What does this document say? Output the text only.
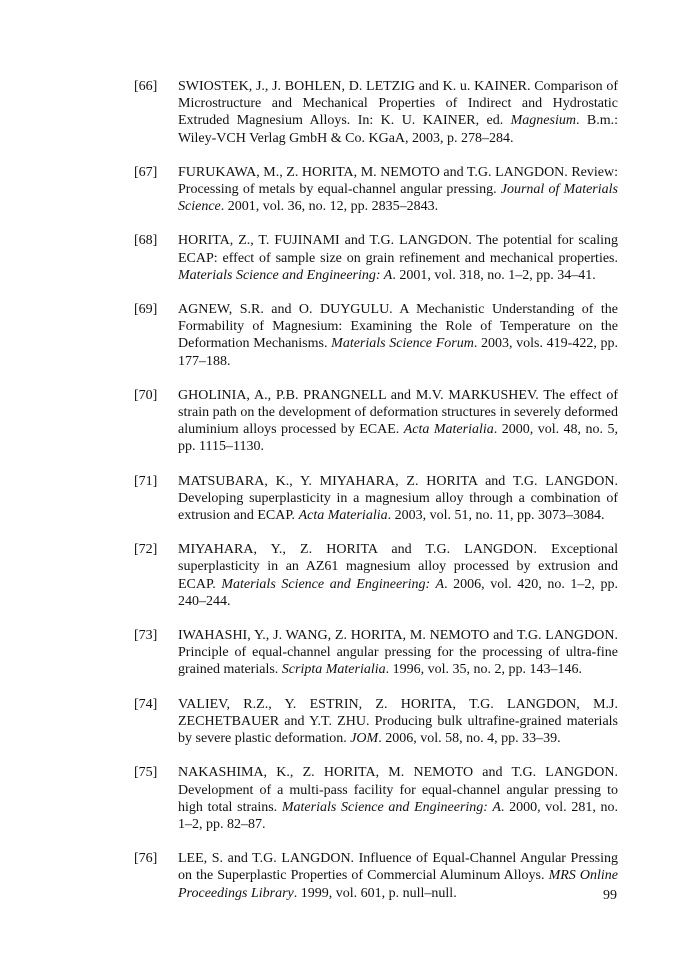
[66] SWIOSTEK, J., J. BOHLEN, D. LETZIG and K. u. KAINER. Comparison of Microstructure and Mechanical Properties of Indirect and Hydrostatic Extruded Magnesium Alloys. In: K. U. KAINER, ed. Magnesium. B.m.: Wiley-VCH Verlag GmbH & Co. KGaA, 2003, p. 278–284.
[67] FURUKAWA, M., Z. HORITA, M. NEMOTO and T.G. LANGDON. Review: Processing of metals by equal-channel angular pressing. Journal of Materials Science. 2001, vol. 36, no. 12, pp. 2835–2843.
[68] HORITA, Z., T. FUJINAMI and T.G. LANGDON. The potential for scaling ECAP: effect of sample size on grain refinement and mechanical properties. Materials Science and Engineering: A. 2001, vol. 318, no. 1–2, pp. 34–41.
[69] AGNEW, S.R. and O. DUYGULU. A Mechanistic Understanding of the Formability of Magnesium: Examining the Role of Temperature on the Deformation Mechanisms. Materials Science Forum. 2003, vols. 419-422, pp. 177–188.
[70] GHOLINIA, A., P.B. PRANGNELL and M.V. MARKUSHEV. The effect of strain path on the development of deformation structures in severely deformed aluminium alloys processed by ECAE. Acta Materialia. 2000, vol. 48, no. 5, pp. 1115–1130.
[71] MATSUBARA, K., Y. MIYAHARA, Z. HORITA and T.G. LANGDON. Developing superplasticity in a magnesium alloy through a combination of extrusion and ECAP. Acta Materialia. 2003, vol. 51, no. 11, pp. 3073–3084.
[72] MIYAHARA, Y., Z. HORITA and T.G. LANGDON. Exceptional superplasticity in an AZ61 magnesium alloy processed by extrusion and ECAP. Materials Science and Engineering: A. 2006, vol. 420, no. 1–2, pp. 240–244.
[73] IWAHASHI, Y., J. WANG, Z. HORITA, M. NEMOTO and T.G. LANGDON. Principle of equal-channel angular pressing for the processing of ultra-fine grained materials. Scripta Materialia. 1996, vol. 35, no. 2, pp. 143–146.
[74] VALIEV, R.Z., Y. ESTRIN, Z. HORITA, T.G. LANGDON, M.J. ZECHETBAUER and Y.T. ZHU. Producing bulk ultrafine-grained materials by severe plastic deformation. JOM. 2006, vol. 58, no. 4, pp. 33–39.
[75] NAKASHIMA, K., Z. HORITA, M. NEMOTO and T.G. LANGDON. Development of a multi-pass facility for equal-channel angular pressing to high total strains. Materials Science and Engineering: A. 2000, vol. 281, no. 1–2, pp. 82–87.
[76] LEE, S. and T.G. LANGDON. Influence of Equal-Channel Angular Pressing on the Superplastic Properties of Commercial Aluminum Alloys. MRS Online Proceedings Library. 1999, vol. 601, p. null–null.	99
